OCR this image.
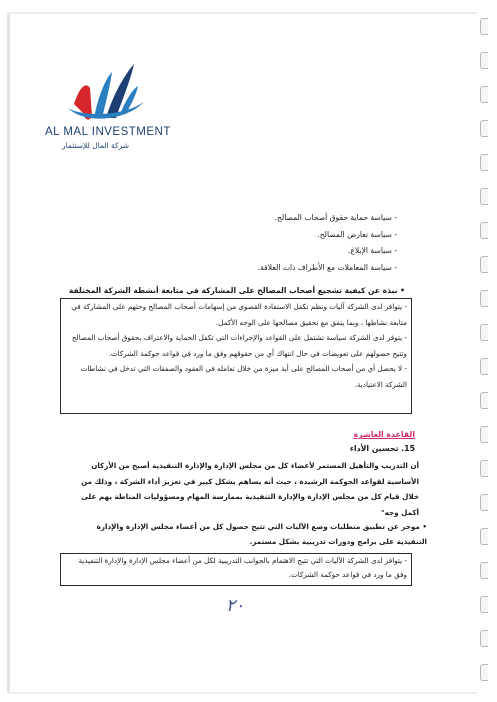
AL MAL INVESTMENT
شركة المال للإستثمار
- سياسة حماية حقوق أصحاب المصالح.
- سياسة تعارض المصالح.
- سياسة الإبلاغ.
- سياسة المعاملات مع الأطراف ذات العلاقة.
• نبذة عن كيفية تشجيع أصحاب المصالح على المشاركة في متابعة أنشطة الشركة المختلفة

- يتوافر لدى الشركة آليات ونظم تكفل الاستفادة القصوى من إسهامات أصحاب المصالح وحثهم على المشاركة في متابعة نشاطها ، وبما يتفق مع تحقيق مصالحها على الوجه الأكمل.

- يتوفر لدى الشركة سياسة تشتمل على القواعد والإجراءات التي تكفل الحماية والاعتراف بحقوق أصحاب المصالح وتتيح حصولهم على تعويضات في حال انتهاك أي من حقوقهم وفق ما ورد في قواعد حوكمة الشركات.

- لا يحصل أي من أصحاب المصالح على أية ميزة من خلال تعامله في العقود والصفقات التي تدخل في نشاطات الشركة الاعتيادية.

القاعدة العاشرة
15. تحسين الأداء

أن التدريب والتأهيل المستمر لأعضاء كل من مجلس الإدارة والإدارة التنفيذية أصبح من الأركان الأساسية لقواعد الحوكمة الرشيدة ، حيث أنه يساهم بشكل كبير في تعزيز أداء الشركة ، وذلك من خلال قيام كل من مجلس الإدارة والإدارة التنفيذية بممارسة المهام ومسؤوليات المناطة بهم على أكمل وجه"

• موجز عن تطبيق متطلبات وضع الآليات التي تتيح حصول كل من أعضاء مجلس الإدارة والإدارة التنفيذية على برامج ودورات تدريبية بشكل مستمر.

- يتوافر لدى الشركة الآليات التي تتيح الاهتمام بالجوانب التدريبية لكل من أعضاء مجلس الإدارة والإدارة التنفيذية وفق ما ورد في قواعد حوكمة الشركات.

٢٠
